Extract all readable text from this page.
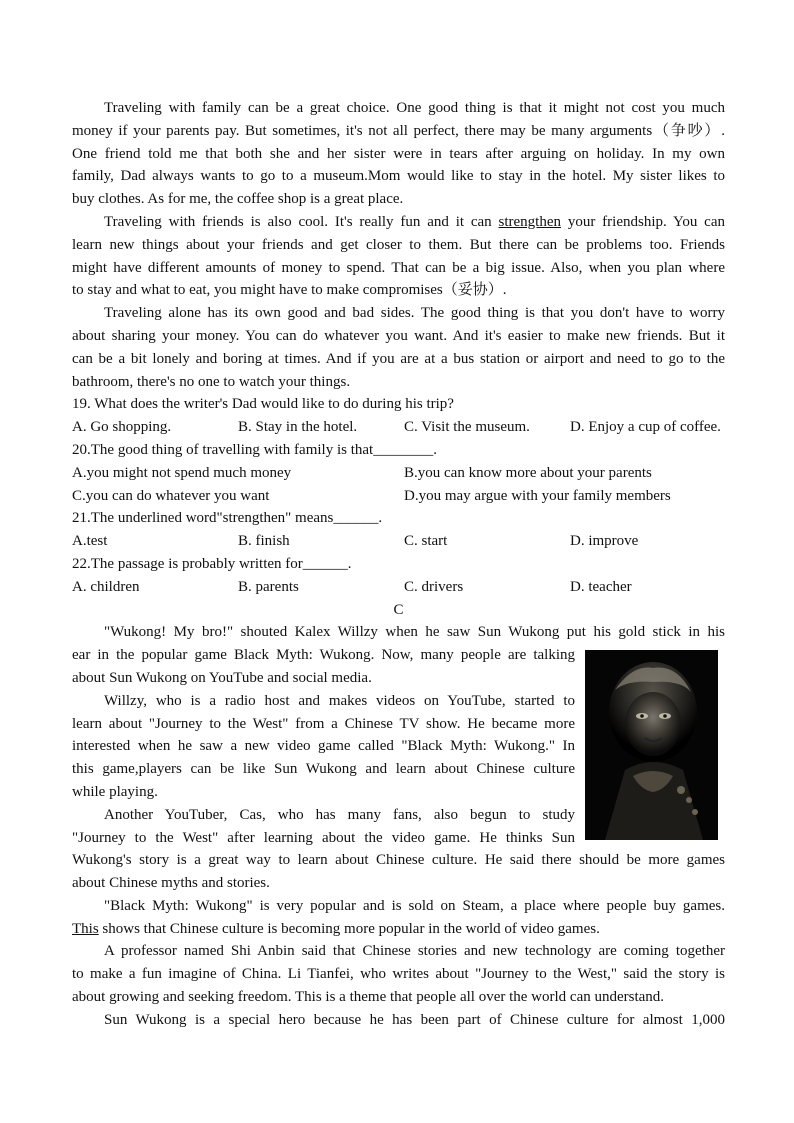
Traveling with family can be a great choice. One good thing is that it might not cost you much
money if your parents pay. But sometimes, it's not all perfect, there may be many arguments（争吵）.
One friend told me that both she and her sister were in tears after arguing on holiday. In my own
family, Dad always wants to go to a museum.Mom would like to stay in the hotel. My sister likes to
buy clothes. As for me, the coffee shop is a great place.
Traveling with friends is also cool. It's really fun and it can strengthen your friendship. You can
learn new things about your friends and get closer to them. But there can be problems too. Friends
might have different amounts of money to spend. That can be a big issue. Also, when you plan where
to stay and what to eat, you might have to make compromises（妥协）.
Traveling alone has its own good and bad sides. The good thing is that you don't have to worry
about sharing your money. You can do whatever you want. And it's easier to make new friends. But it
can be a bit lonely and boring at times. And if you are at a bus station or airport and need to go to the
bathroom, there's no one to watch your things.
19. What does the writer's Dad would like to do during his trip?
A. Go shopping.	B. Stay in the hotel.	C. Visit the museum.	D. Enjoy a cup of coffee.
20.The good thing of travelling with family is that________.
A.you might not spend much money	B.you can know more about your parents
C.you can do whatever you want	D.you may argue with your family members
21.The underlined word"strengthen" means______.
A.test	B. finish	C. start	D. improve
22.The passage is probably written for______.
A. children	B. parents	C. drivers	D. teacher
C
"Wukong! My bro!" shouted Kalex Willzy when he saw Sun Wukong put his gold stick in his
ear in the popular game Black Myth: Wukong. Now, many people are talking
about Sun Wukong on YouTube and social media.
Willzy, who is a radio host and makes videos on YouTube, started to
learn about "Journey to the West" from a Chinese TV show. He became more
interested when he saw a new video game called "Black Myth: Wukong." In
this game,players can be like Sun Wukong and learn about Chinese culture
while playing.
Another YouTuber, Cas, who has many fans, also begun to study
"Journey to the West" after learning about the video game. He thinks Sun
Wukong's story is a great way to learn about Chinese culture. He said there should be more games
about Chinese myths and stories.
"Black Myth: Wukong" is very popular and is sold on Steam, a place where people buy games.
This shows that Chinese culture is becoming more popular in the world of video games.
A professor named Shi Anbin said that Chinese stories and new technology are coming together
to make a fun imagine of China. Li Tianfei, who writes about "Journey to the West," said the story is
about growing and seeking freedom. This is a theme that people all over the world can understand.
Sun Wukong is a special hero because he has been part of Chinese culture for almost 1,000
